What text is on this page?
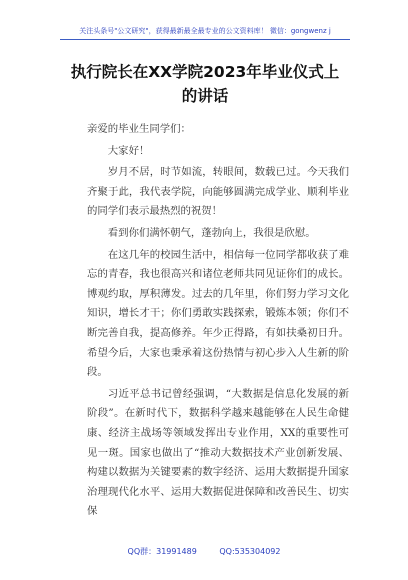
关注头条号"公文研究"，获得最新最全最专业的公文资料库！ 微信：gongwenz j
执行院长在XX学院2023年毕业仪式上
的讲话

亲爱的毕业生同学们：

大家好！

岁月不居，时节如流，转眼间，数载已过。今天我们齐聚于此，我代表学院，向能够圆满完成学业、顺利毕业的同学们表示最热烈的祝贺！

看到你们满怀朝气，蓬勃向上，我很是欣慰。

在这几年的校园生活中，相信每一位同学都收获了难忘的青春，我也很高兴和诸位老师共同见证你们的成长。博观约取，厚积薄发。过去的几年里，你们努力学习文化知识，增长才干；你们勇敢实践探索，锻炼本领；你们不断完善自我，提高修养。年少正得路，有如扶桑初日升。希望今后，大家也秉承着这份热情与初心步入人生新的阶段。

习近平总书记曾经强调，“大数据是信息化发展的新阶段”。在新时代下，数据科学越来越能够在人民生命健康、经济主战场等领域发挥出专业作用，XX的重要性可见一斑。国家也做出了“推动大数据技术产业创新发展、构建以数据为关键要素的数字经济、运用大数据提升国家治理现代化水平、运用大数据促进保障和改善民生、切实保

QQ群：31991489	QQ:535304092
